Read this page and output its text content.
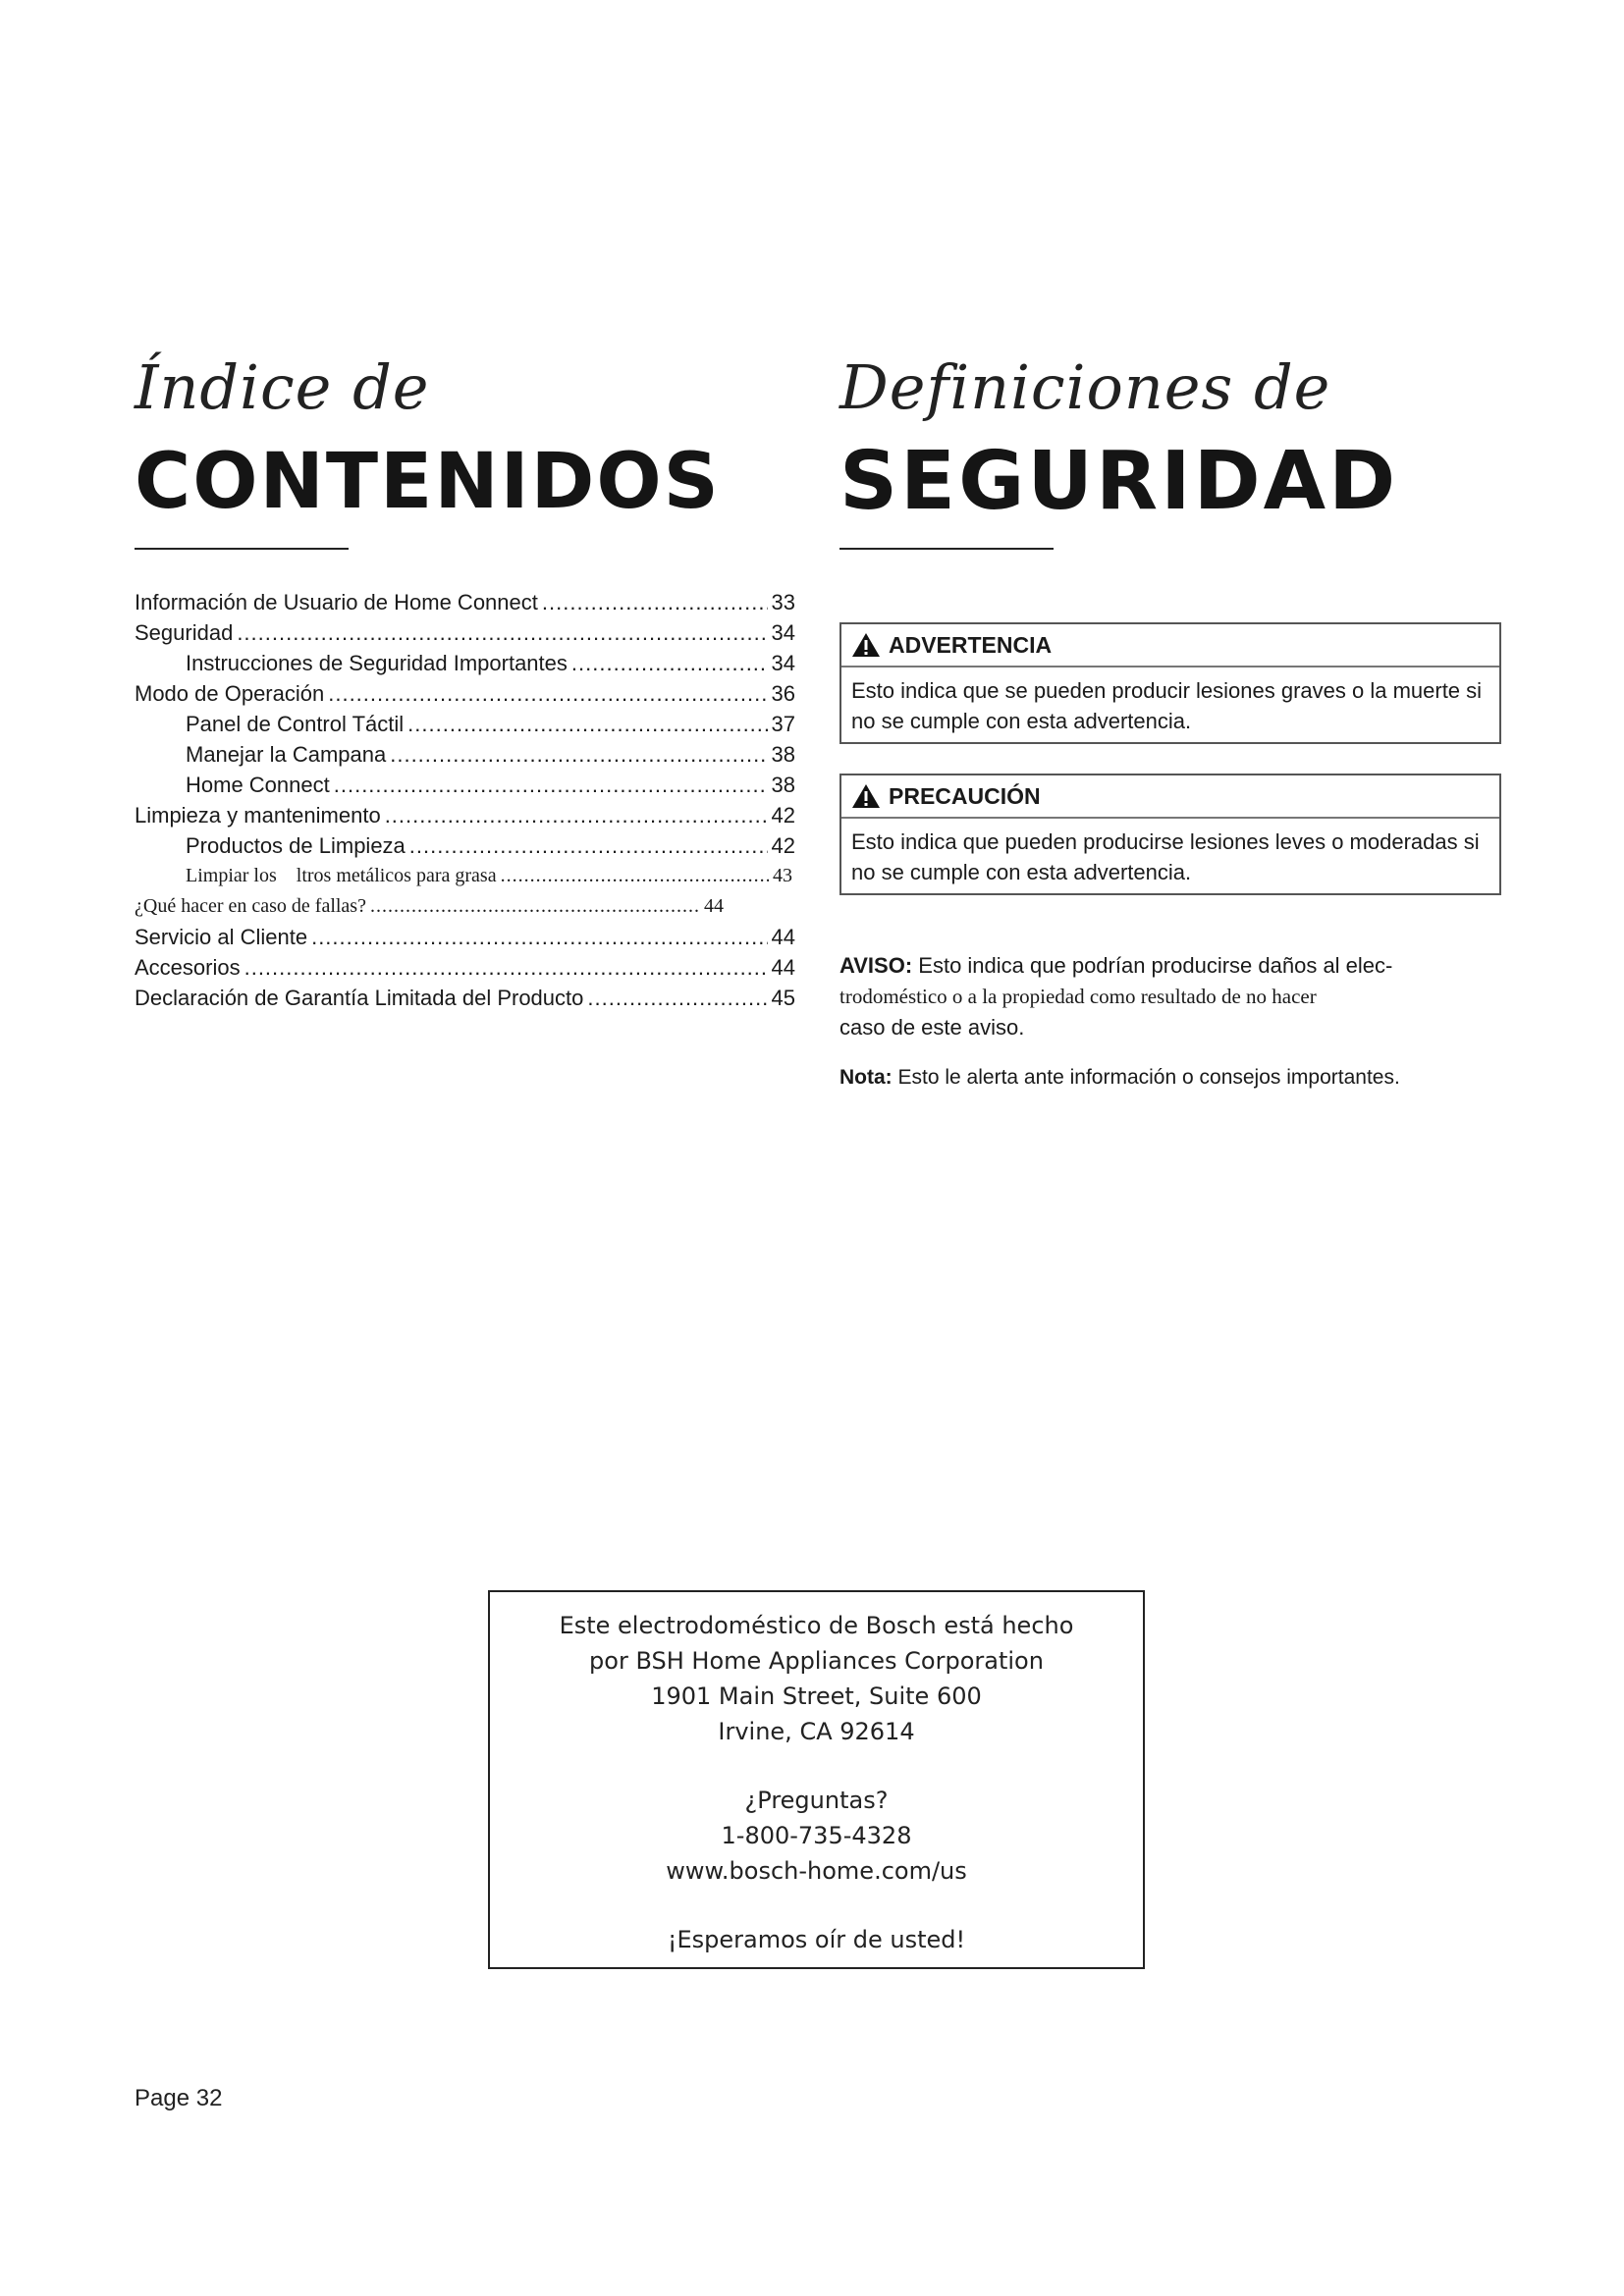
Índice de
CONTENIDOS
Información de Usuario de Home Connect .....	33
Seguridad .....	34
Instrucciones de Seguridad Importantes .....	34
Modo de Operación .....	36
Panel de Control Táctil .....	37
Manejar la Campana .....	38
Home Connect .....	38
Limpieza y mantenimento .....	42
Productos de Limpieza .....	42
Limpiar los    ltros metálicos para grasa .....	43
¿Qué hacer en caso de fallas? .....	44
Servicio al Cliente .....	44
Accesorios .....	44
Declaración de Garantía Limitada del Producto .....	45
Definiciones de
SEGURIDAD
ADVERTENCIA
Esto indica que se pueden producir lesiones graves o la muerte si no se cumple con esta advertencia.
PRECAUCIÓN
Esto indica que pueden producirse lesiones leves o moderadas si no se cumple con esta advertencia.
AVISO: Esto indica que podrían producirse daños al elec-
trodoméstico o a la propiedad como resultado de no hacer
caso de este aviso.
Nota: Esto le alerta ante información o consejos importantes.
Este electrodoméstico de Bosch está hecho
por BSH Home Appliances Corporation
1901 Main Street, Suite 600
Irvine, CA 92614
¿Preguntas?
1-800-735-4328
www.bosch-home.com/us
¡Esperamos oír de usted!
Page 32
